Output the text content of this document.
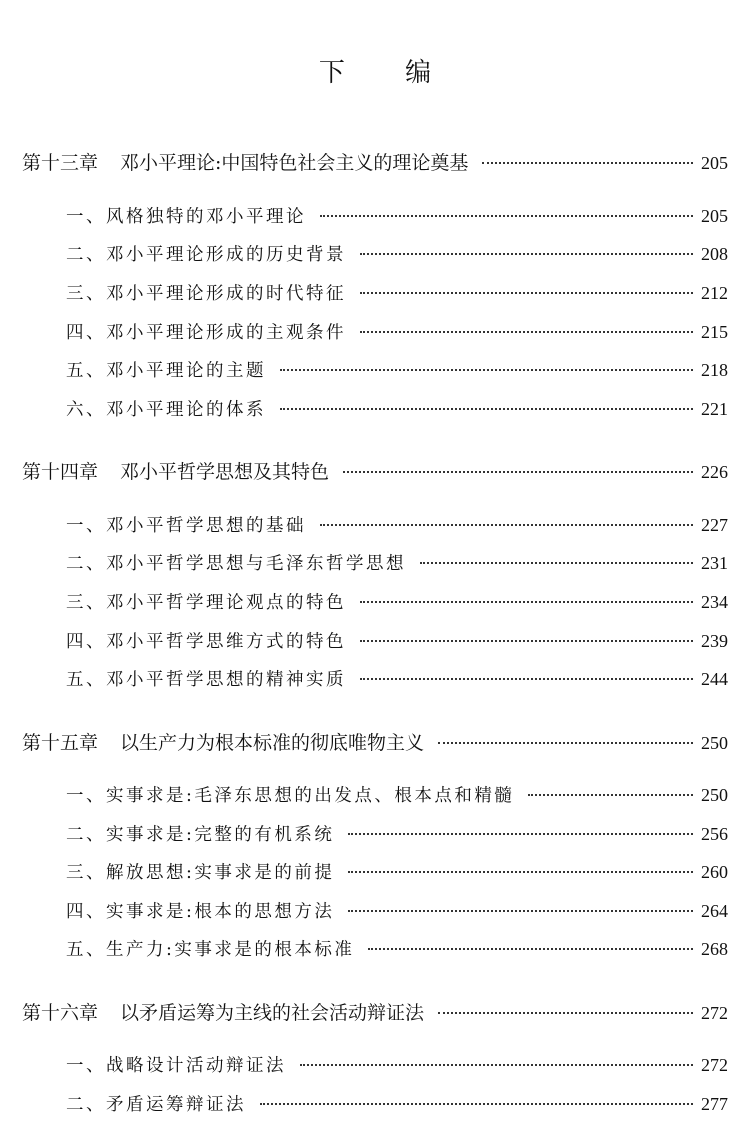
下 编
第十三章 邓小平理论:中国特色社会主义的理论奠基	205
一、风格独特的邓小平理论	205
二、邓小平理论形成的历史背景	208
三、邓小平理论形成的时代特征	212
四、邓小平理论形成的主观条件	215
五、邓小平理论的主题	218
六、邓小平理论的体系	221
第十四章 邓小平哲学思想及其特色	226
一、邓小平哲学思想的基础	227
二、邓小平哲学思想与毛泽东哲学思想	231
三、邓小平哲学理论观点的特色	234
四、邓小平哲学思维方式的特色	239
五、邓小平哲学思想的精神实质	244
第十五章 以生产力为根本标准的彻底唯物主义	250
一、实事求是:毛泽东思想的出发点、根本点和精髓	250
二、实事求是:完整的有机系统	256
三、解放思想:实事求是的前提	260
四、实事求是:根本的思想方法	264
五、生产力:实事求是的根本标准	268
第十六章 以矛盾运筹为主线的社会活动辩证法	272
一、战略设计活动辩证法	272
二、矛盾运筹辩证法	277
